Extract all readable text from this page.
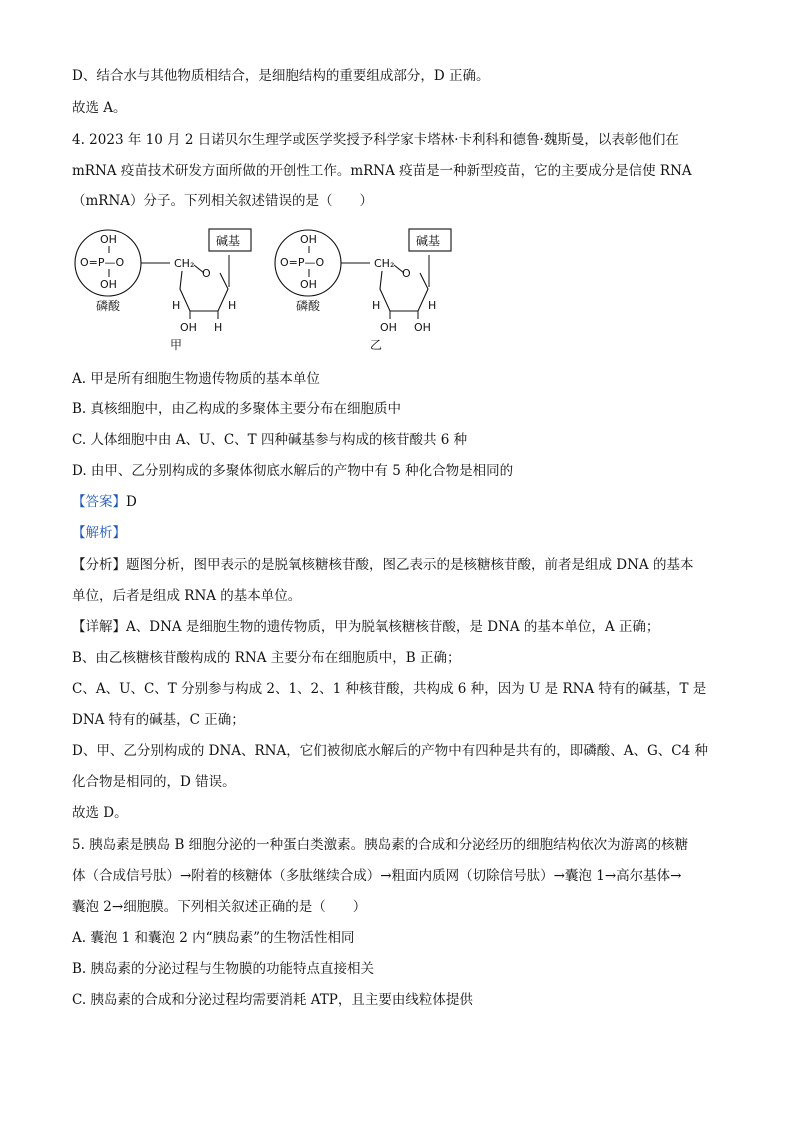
D、结合水与其他物质相结合，是细胞结构的重要组成部分，D 正确。
故选 A。
4. 2023 年 10 月 2 日诺贝尔生理学或医学奖授予科学家卡塔林·卡利科和德鲁·魏斯曼，以表彰他们在
mRNA 疫苗技术研发方面所做的开创性工作。mRNA 疫苗是一种新型疫苗，它的主要成分是信使 RNA
（mRNA）分子。下列相关叙述错误的是（　　）
OH
O=P—O
OH
磷酸
CH₂
O
碱基
H	H
OH H
甲
OH
O=P—O
OH
磷酸
CH₂
O
碱基
H	H
OH OH
乙
A. 甲是所有细胞生物遗传物质的基本单位
B. 真核细胞中，由乙构成的多聚体主要分布在细胞质中
C. 人体细胞中由 A、U、C、T 四种碱基参与构成的核苷酸共 6 种
D. 由甲、乙分别构成的多聚体彻底水解后的产物中有 5 种化合物是相同的
【答案】D
【解析】
【分析】题图分析，图甲表示的是脱氧核糖核苷酸，图乙表示的是核糖核苷酸，前者是组成 DNA 的基本
单位，后者是组成 RNA 的基本单位。
【详解】A、DNA 是细胞生物的遗传物质，甲为脱氧核糖核苷酸，是 DNA 的基本单位，A 正确；
B、由乙核糖核苷酸构成的 RNA 主要分布在细胞质中，B 正确；
C、A、U、C、T 分别参与构成 2、1、2、1 种核苷酸，共构成 6 种，因为 U 是 RNA 特有的碱基，T 是
DNA 特有的碱基，C 正确；
D、甲、乙分别构成的 DNA、RNA，它们被彻底水解后的产物中有四种是共有的，即磷酸、A、G、C4 种
化合物是相同的，D 错误。
故选 D。
5. 胰岛素是胰岛 B 细胞分泌的一种蛋白类激素。胰岛素的合成和分泌经历的细胞结构依次为游离的核糖
体（合成信号肽）→附着的核糖体（多肽继续合成）→粗面内质网（切除信号肽）→囊泡 1→高尔基体→
囊泡 2→细胞膜。下列相关叙述正确的是（　　）
A. 囊泡 1 和囊泡 2 内“胰岛素”的生物活性相同
B. 胰岛素的分泌过程与生物膜的功能特点直接相关
C. 胰岛素的合成和分泌过程均需要消耗 ATP，且主要由线粒体提供
